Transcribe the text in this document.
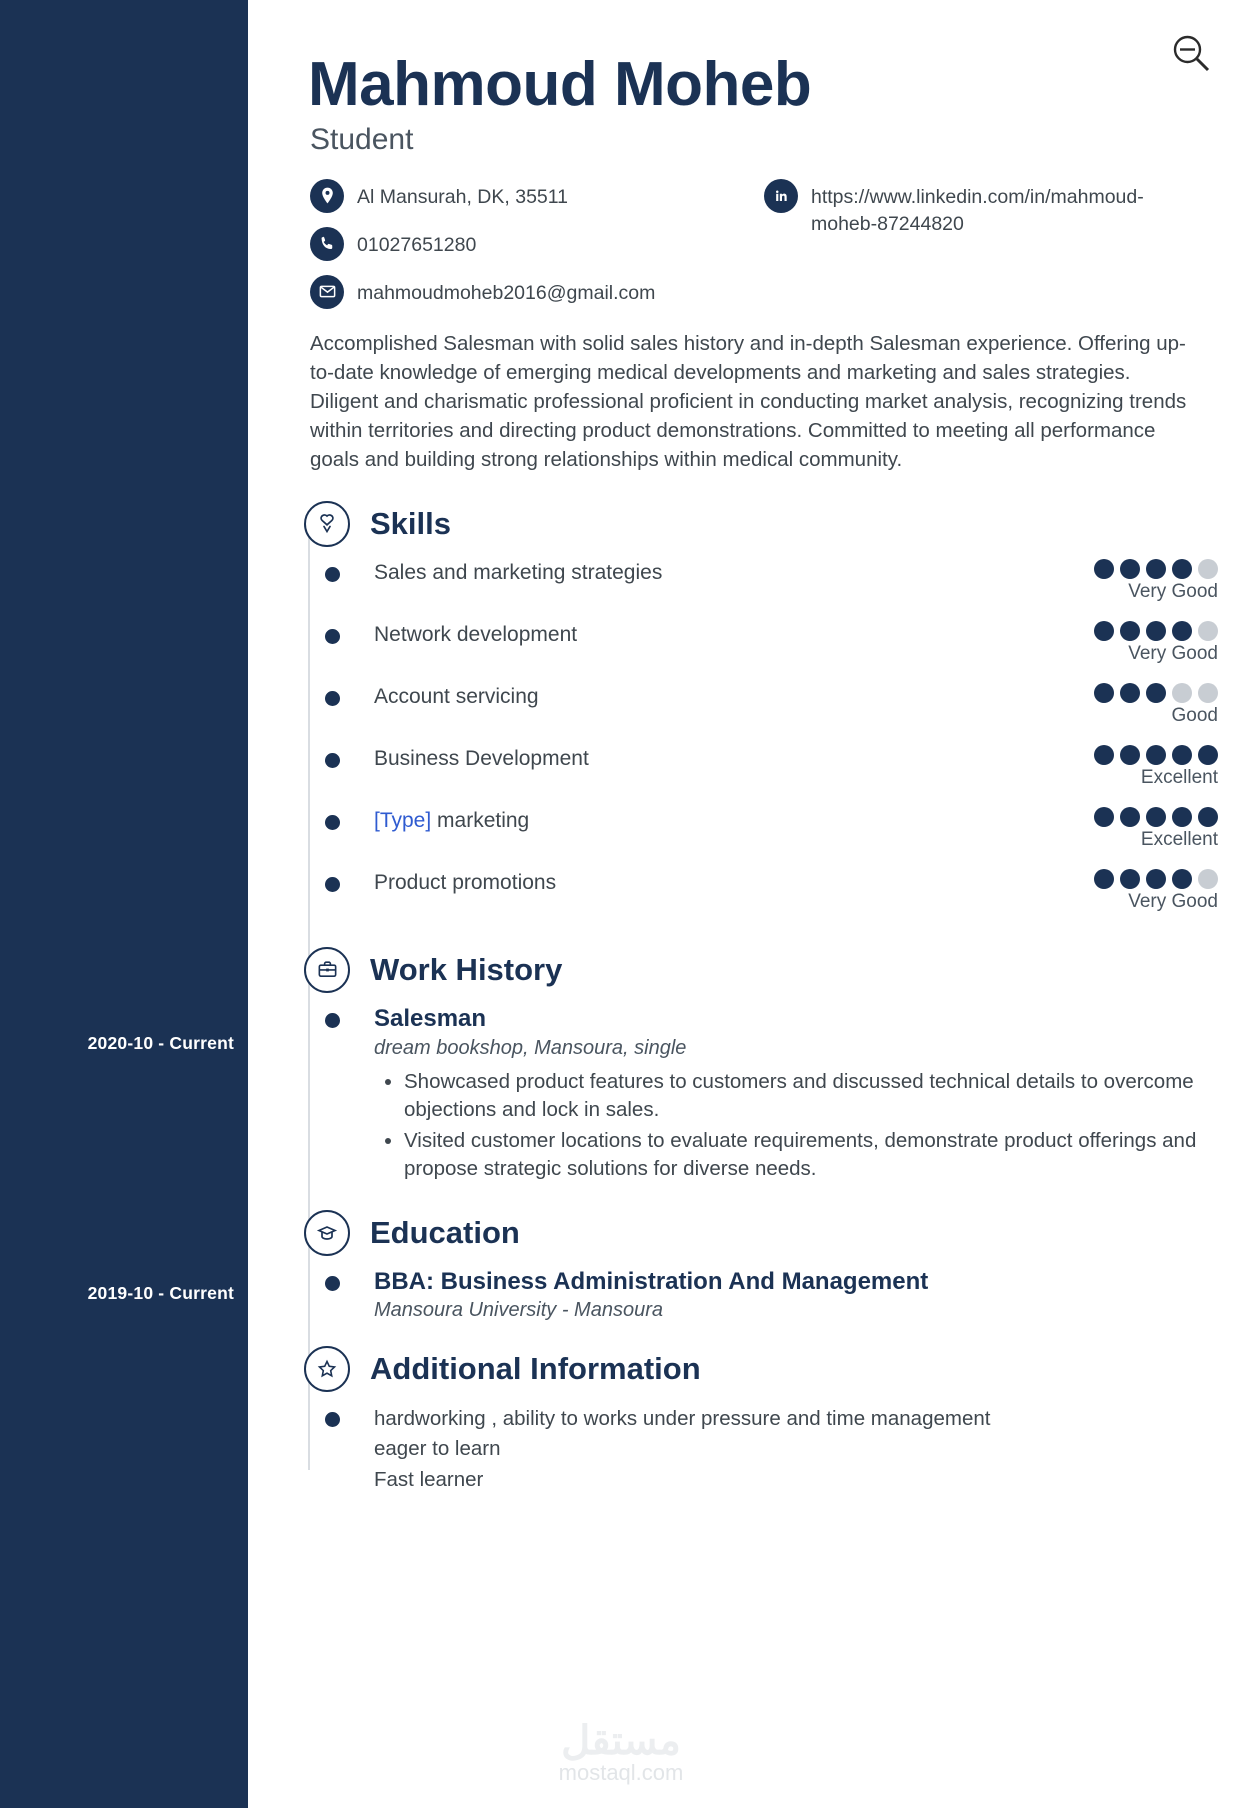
2020-10 - Current
2019-10 - Current
Mahmoud Moheb
Student
Al Mansurah, DK, 35511
01027651280
mahmoudmoheb2016@gmail.com
https://www.linkedin.com/in/mahmoud-moheb-87244820
Accomplished Salesman with solid sales history and in-depth Salesman experience. Offering up-to-date knowledge of emerging medical developments and marketing and sales strategies. Diligent and charismatic professional proficient in conducting market analysis, recognizing trends within territories and directing product demonstrations. Committed to meeting all performance goals and building strong relationships within medical community.
Skills
Sales and marketing strategies
Very Good
Network development
Very Good
Account servicing
Good
Business Development
Excellent
[Type] marketing
Excellent
Product promotions
Very Good
Work History
Salesman
dream bookshop, Mansoura, single
• Showcased product features to customers and discussed technical details to overcome objections and lock in sales.
• Visited customer locations to evaluate requirements, demonstrate product offerings and propose strategic solutions for diverse needs.
Education
BBA: Business Administration And Management
Mansoura University - Mansoura
Additional Information
hardworking , ability to works under pressure and time management
eager to learn
Fast learner
مستقل
mostaql.com
